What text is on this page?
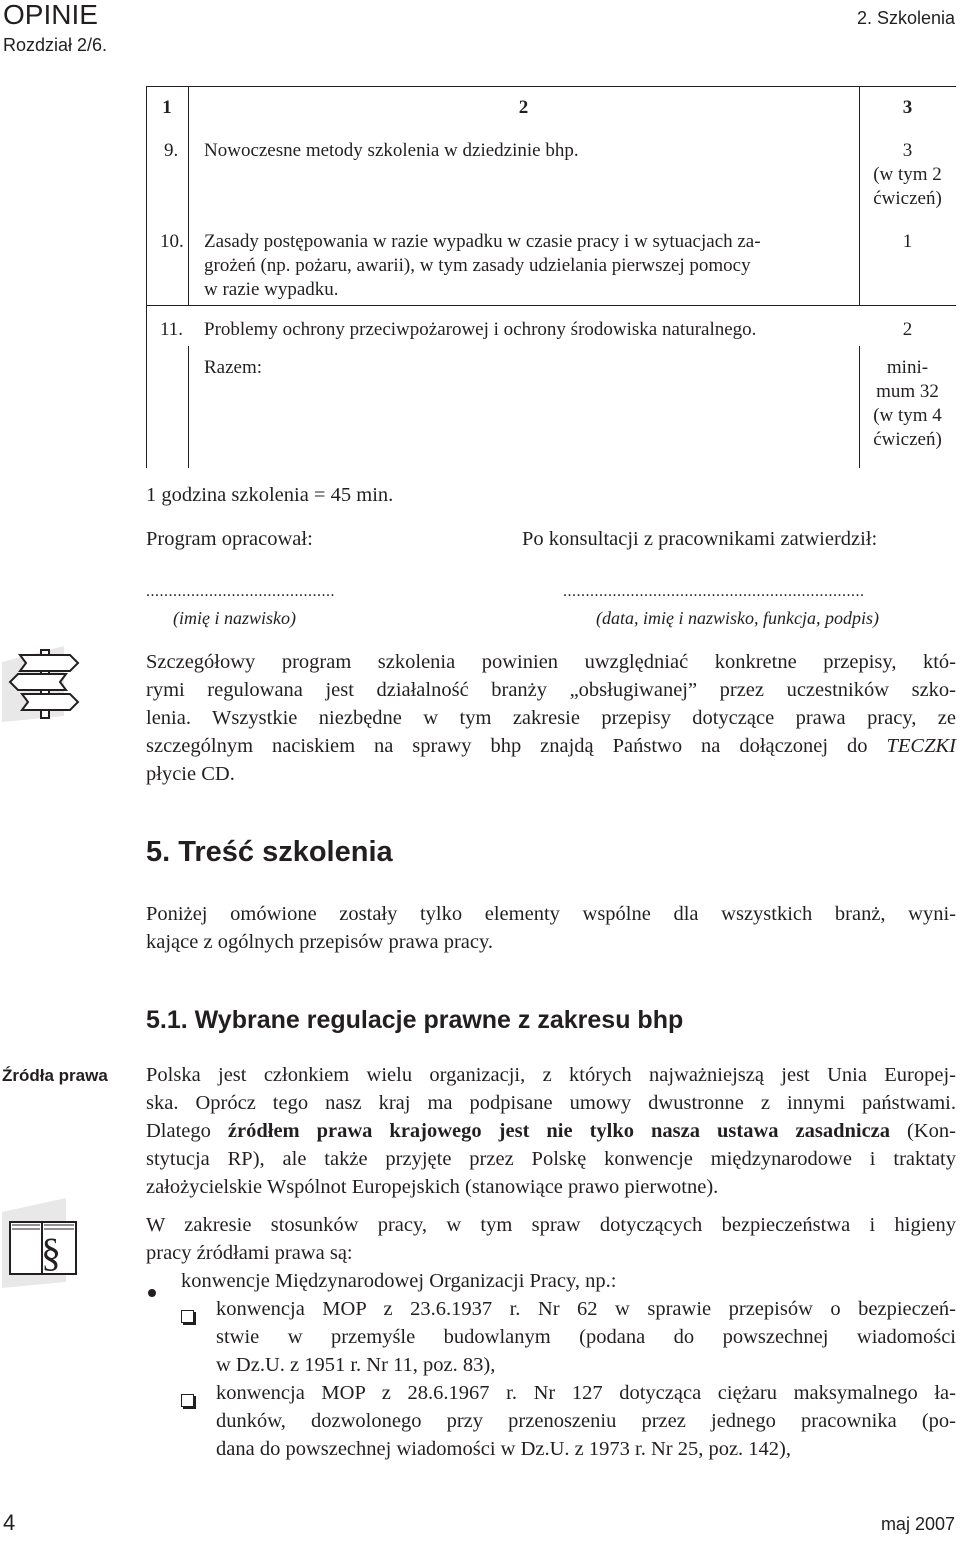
OPINIE
Rozdział 2/6.
2. Szkolenia
1	2	3
9. Nowoczesne metody szkolenia w dziedzinie bhp.	3
(w tym 2
ćwiczeń)
10. Zasady postępowania w razie wypadku w czasie pracy i w sytuacjach za-
grożeń (np. pożaru, awarii), w tym zasady udzielania pierwszej pomocy
w razie wypadku.
1
11. Problemy ochrony przeciwpożarowej i ochrony środowiska naturalnego.	2
Razem:	mini-
mum 32
(w tym 4
ćwiczeń)
1 godzina szkolenia = 45 min.
Program opracował:	Po konsultacji z pracownikami zatwierdził:
..........................................	...................................................................
(imię i nazwisko)	(data, imię i nazwisko, funkcja, podpis)
Szczegółowy program szkolenia powinien uwzględniać konkretne przepisy, któ-
rymi regulowana jest działalność branży „obsługiwanej” przez uczestników szko-
lenia. Wszystkie niezbędne w tym zakresie przepisy dotyczące prawa pracy, ze
szczególnym naciskiem na sprawy bhp znajdą Państwo na dołączonej do TECZKI
płycie CD.
5. Treść szkolenia
Poniżej omówione zostały tylko elementy wspólne dla wszystkich branż, wyni-
kające z ogólnych przepisów prawa pracy.
5.1. Wybrane regulacje prawne z zakresu bhp
Źródła prawa
§
Polska jest członkiem wielu organizacji, z których najważniejszą jest Unia Europej-
ska. Oprócz tego nasz kraj ma podpisane umowy dwustronne z innymi państwami.
Dlatego źródłem prawa krajowego jest nie tylko nasza ustawa zasadnicza (Kon-
stytucja RP), ale także przyjęte przez Polskę konwencje międzynarodowe i traktaty
założycielskie Wspólnot Europejskich (stanowiące prawo pierwotne).
W zakresie stosunków pracy, w tym spraw dotyczących bezpieczeństwa i higieny
pracy źródłami prawa są:
konwencje Międzynarodowej Organizacji Pracy, np.:
konwencja MOP z 23.6.1937 r. Nr 62 w sprawie przepisów o bezpieczeń-
stwie w przemyśle budowlanym (podana do powszechnej wiadomości
w Dz.U. z 1951 r. Nr 11, poz. 83),
konwencja MOP z 28.6.1967 r. Nr 127 dotycząca ciężaru maksymalnego ła-
dunków, dozwolonego przy przenoszeniu przez jednego pracownika (po-
dana do powszechnej wiadomości w Dz.U. z 1973 r. Nr 25, poz. 142),
4	maj 2007
